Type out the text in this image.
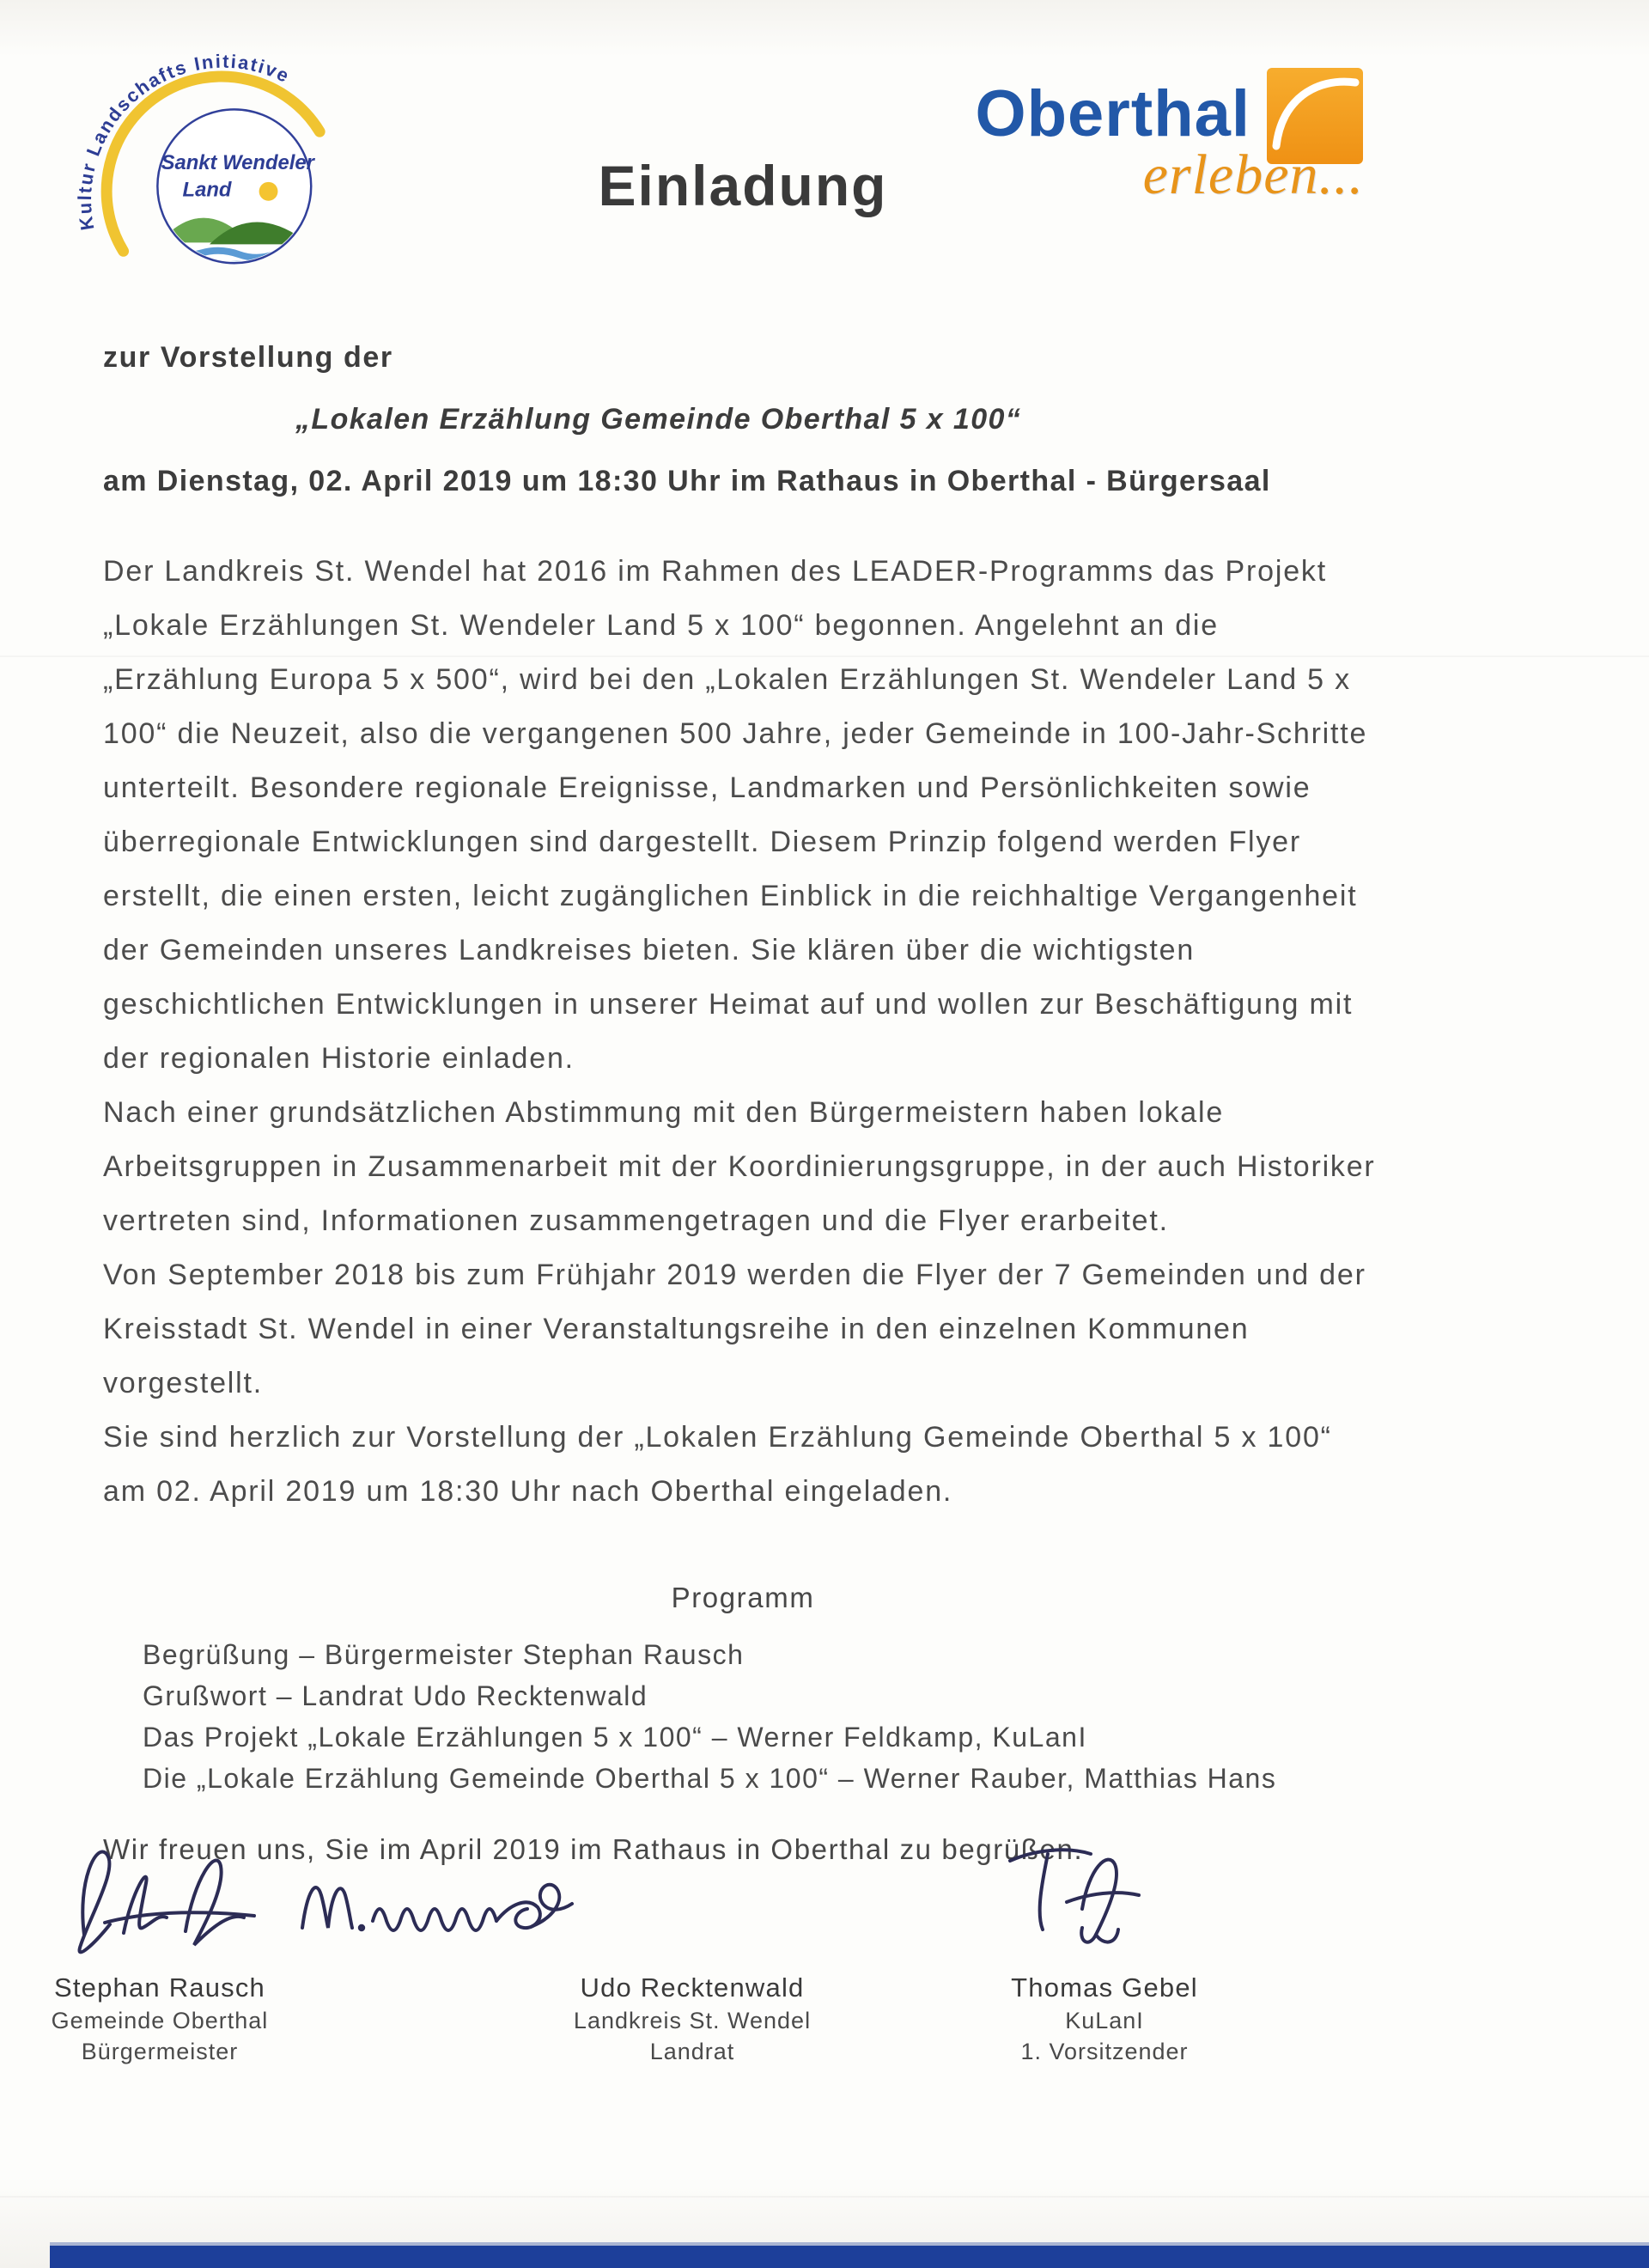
Kultur Landschafts Initiative
Sankt Wendeler
Land
Oberthal
erleben...
Einladung
zur Vorstellung der
„Lokalen Erzählung Gemeinde Oberthal 5 x 100“
am Dienstag, 02. April 2019 um 18:30 Uhr im Rathaus in Oberthal - Bürgersaal

Der Landkreis St. Wendel hat 2016 im Rahmen des LEADER-Programms das Projekt „Lokale Erzählungen St. Wendeler Land 5 x 100“ begonnen. Angelehnt an die „Erzählung Europa 5 x 500“, wird bei den „Lokalen Erzählungen St. Wendeler Land 5 x 100“ die Neuzeit, also die vergangenen 500 Jahre, jeder Gemeinde in 100-Jahr-Schritte unterteilt. Besondere regionale Ereignisse, Landmarken und Persönlichkeiten sowie überregionale Entwicklungen sind dargestellt. Diesem Prinzip folgend werden Flyer erstellt, die einen ersten, leicht zugänglichen Einblick in die reichhaltige Vergangenheit der Gemeinden unseres Landkreises bieten. Sie klären über die wichtigsten geschichtlichen Entwicklungen in unserer Heimat auf und wollen zur Beschäftigung mit der regionalen Historie einladen.

Nach einer grundsätzlichen Abstimmung mit den Bürgermeistern haben lokale Arbeitsgruppen in Zusammenarbeit mit der Koordinierungsgruppe, in der auch Historiker vertreten sind, Informationen zusammengetragen und die Flyer erarbeitet.

Von September 2018 bis zum Frühjahr 2019 werden die Flyer der 7 Gemeinden und der Kreisstadt St. Wendel in einer Veranstaltungsreihe in den einzelnen Kommunen vorgestellt.

Sie sind herzlich zur Vorstellung der „Lokalen Erzählung Gemeinde Oberthal 5 x 100“ am 02. April 2019 um 18:30 Uhr nach Oberthal eingeladen.

Programm
Begrüßung – Bürgermeister Stephan Rausch
Grußwort – Landrat Udo Recktenwald
Das Projekt „Lokale Erzählungen 5 x 100“ – Werner Feldkamp, KuLanI
Die „Lokale Erzählung Gemeinde Oberthal 5 x 100“ – Werner Rauber, Matthias Hans
Wir freuen uns, Sie im April 2019 im Rathaus in Oberthal zu begrüßen.
Stephan Rausch
Gemeinde Oberthal
Bürgermeister
Udo Recktenwald
Landkreis St. Wendel
Landrat
Thomas Gebel
KuLanI
1. Vorsitzender
